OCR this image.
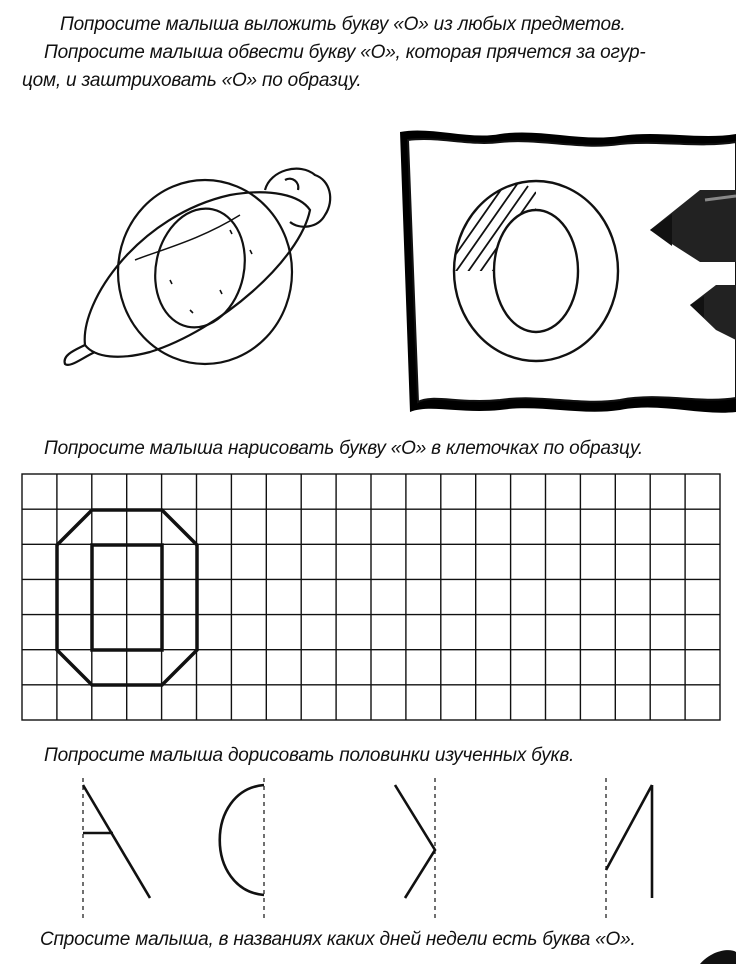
Попросите малыша выложить букву «О» из любых предметов.
Попросите малыша обвести букву «О», которая прячется за огур-
цом, и заштриховать «О» по образцу.
Попросите малыша нарисовать букву «О» в клеточках по образцу.
Попросите малыша дорисовать половинки изученных букв.
Спросите малыша, в названиях каких дней недели есть буква «О».
